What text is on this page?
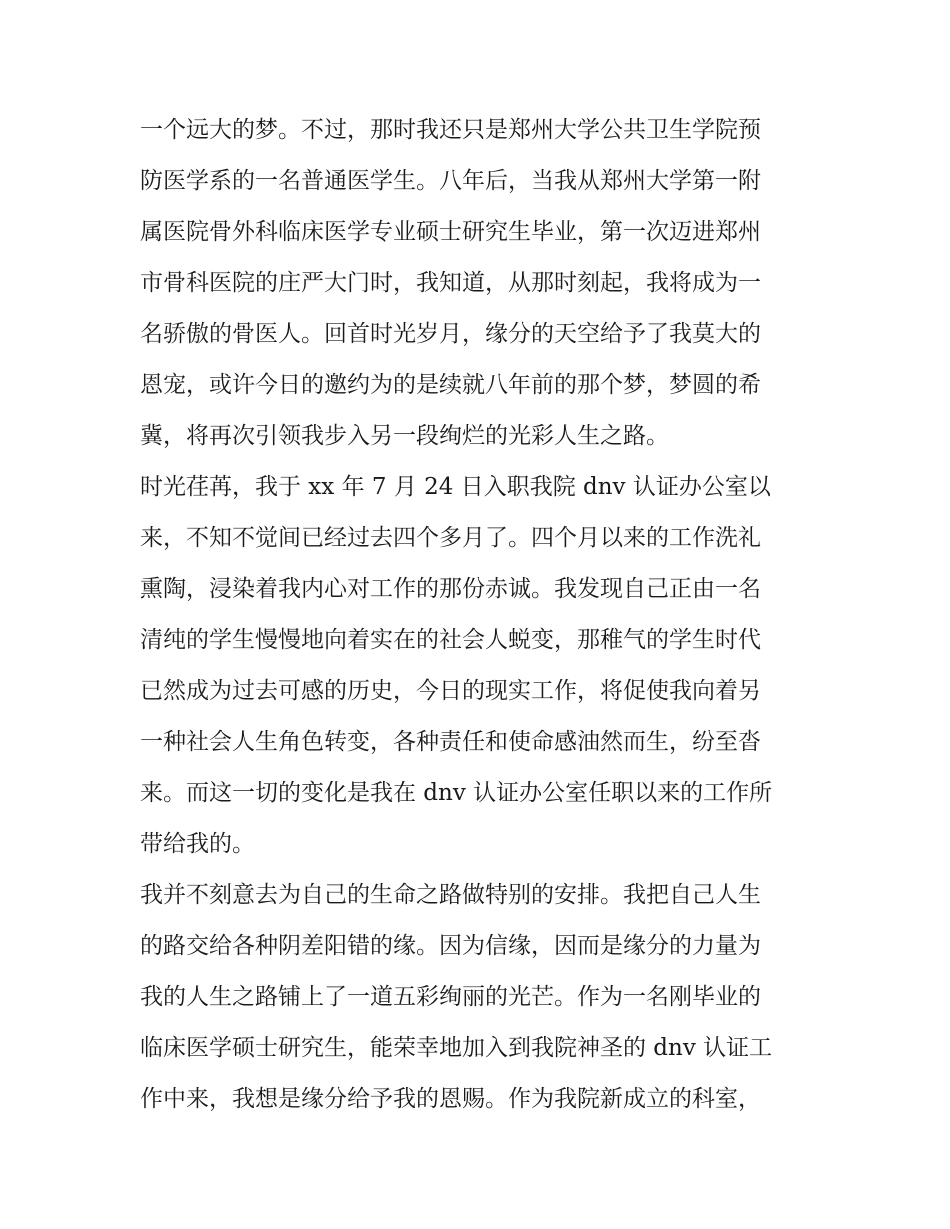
一个远大的梦。不过，那时我还只是郑州大学公共卫生学院预
防医学系的一名普通医学生。八年后，当我从郑州大学第一附
属医院骨外科临床医学专业硕士研究生毕业，第一次迈进郑州
市骨科医院的庄严大门时，我知道，从那时刻起，我将成为一
名骄傲的骨医人。回首时光岁月，缘分的天空给予了我莫大的
恩宠，或许今日的邀约为的是续就八年前的那个梦，梦圆的希
冀，将再次引领我步入另一段绚烂的光彩人生之路。
时光荏苒，我于 xx 年 7 月 24 日入职我院 dnv 认证办公室以
来，不知不觉间已经过去四个多月了。四个月以来的工作洗礼
熏陶，浸染着我内心对工作的那份赤诚。我发现自己正由一名
清纯的学生慢慢地向着实在的社会人蜕变，那稚气的学生时代
已然成为过去可感的历史，今日的现实工作，将促使我向着另
一种社会人生角色转变，各种责任和使命感油然而生，纷至沓
来。而这一切的变化是我在 dnv 认证办公室任职以来的工作所
带给我的。
我并不刻意去为自己的生命之路做特别的安排。我把自己人生
的路交给各种阴差阳错的缘。因为信缘，因而是缘分的力量为
我的人生之路铺上了一道五彩绚丽的光芒。作为一名刚毕业的
临床医学硕士研究生，能荣幸地加入到我院神圣的 dnv 认证工
作中来，我想是缘分给予我的恩赐。作为我院新成立的科室，
